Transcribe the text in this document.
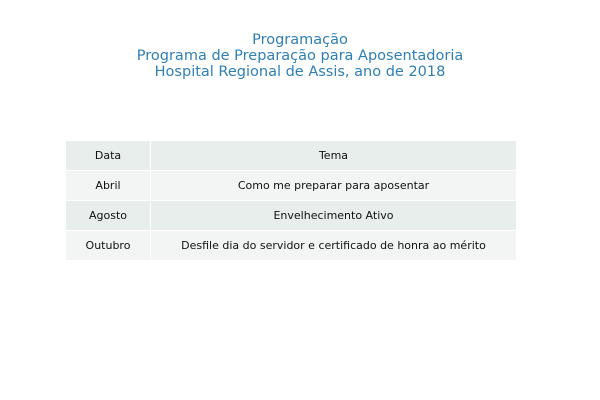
Programação
Programa de Preparação para Aposentadoria
Hospital Regional de Assis, ano de 2018
Data	Tema
Abril	Como me preparar para aposentar
Agosto	Envelhecimento Ativo
Outubro	Desfile dia do servidor e certificado de honra ao mérito
